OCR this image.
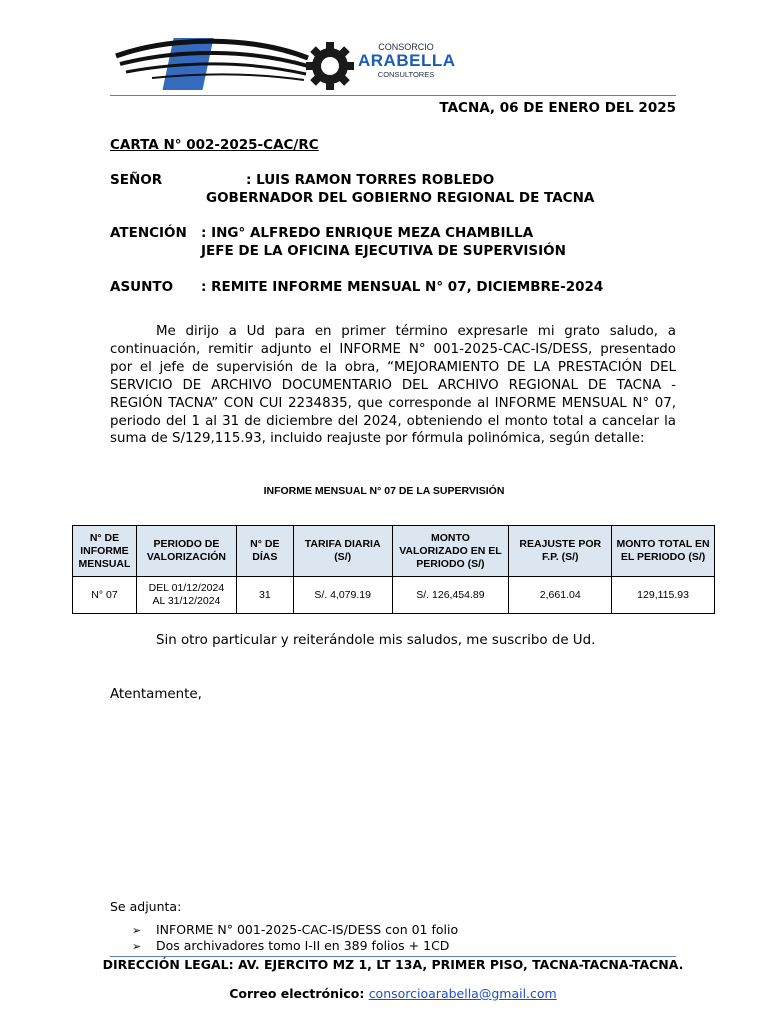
CONSORCIO
ARABELLA
CONSULTORES
TACNA, 06 DE ENERO DEL 2025
CARTA N° 002-2025-CAC/RC
SEÑOR	: LUIS RAMON TORRES ROBLEDO
GOBERNADOR DEL GOBIERNO REGIONAL DE TACNA
ATENCIÓN : ING° ALFREDO ENRIQUE MEZA CHAMBILLA
JEFE DE LA OFICINA EJECUTIVA DE SUPERVISIÓN
ASUNTO : REMITE INFORME MENSUAL N° 07, DICIEMBRE-2024

Me dirijo a Ud para en primer término expresarle mi grato saludo, a continuación, remitir adjunto el INFORME N° 001-2025-CAC-IS/DESS, presentado por el jefe de supervisión de la obra, “MEJORAMIENTO DE LA PRESTACIÓN DEL SERVICIO DE ARCHIVO DOCUMENTARIO DEL ARCHIVO REGIONAL DE TACNA - REGIÓN TACNA” CON CUI 2234835, que corresponde al INFORME MENSUAL N° 07, periodo del 1 al 31 de diciembre del 2024, obteniendo el monto total a cancelar la suma de S/129,115.93, incluido reajuste por fórmula polinómica, según detalle:

INFORME MENSUAL N° 07 DE LA SUPERVISIÓN
N° DE INFORME MENSUAL	PERIODO DE VALORIZACIÓN	N° DE DÍAS	TARIFA DIARIA (S/)	MONTO VALORIZADO EN EL PERIODO (S/)	REAJUSTE POR F.P. (S/)	MONTO TOTAL EN EL PERIODO (S/)
N° 07	DEL 01/12/2024
AL 31/12/2024	31	S/. 4,079.19	S/. 126,454.89	2,661.04	129,115.93
Sin otro particular y reiterándole mis saludos, me suscribo de Ud.
Atentamente,
Se adjunta:
➢ INFORME N° 001-2025-CAC-IS/DESS con 01 folio
➢ Dos archivadores tomo I-II en 389 folios + 1CD
DIRECCIÓN LEGAL: AV. EJERCITO MZ 1, LT 13A, PRIMER PISO, TACNA-TACNA-TACNA.
Correo electrónico: consorcioarabella@gmail.com
